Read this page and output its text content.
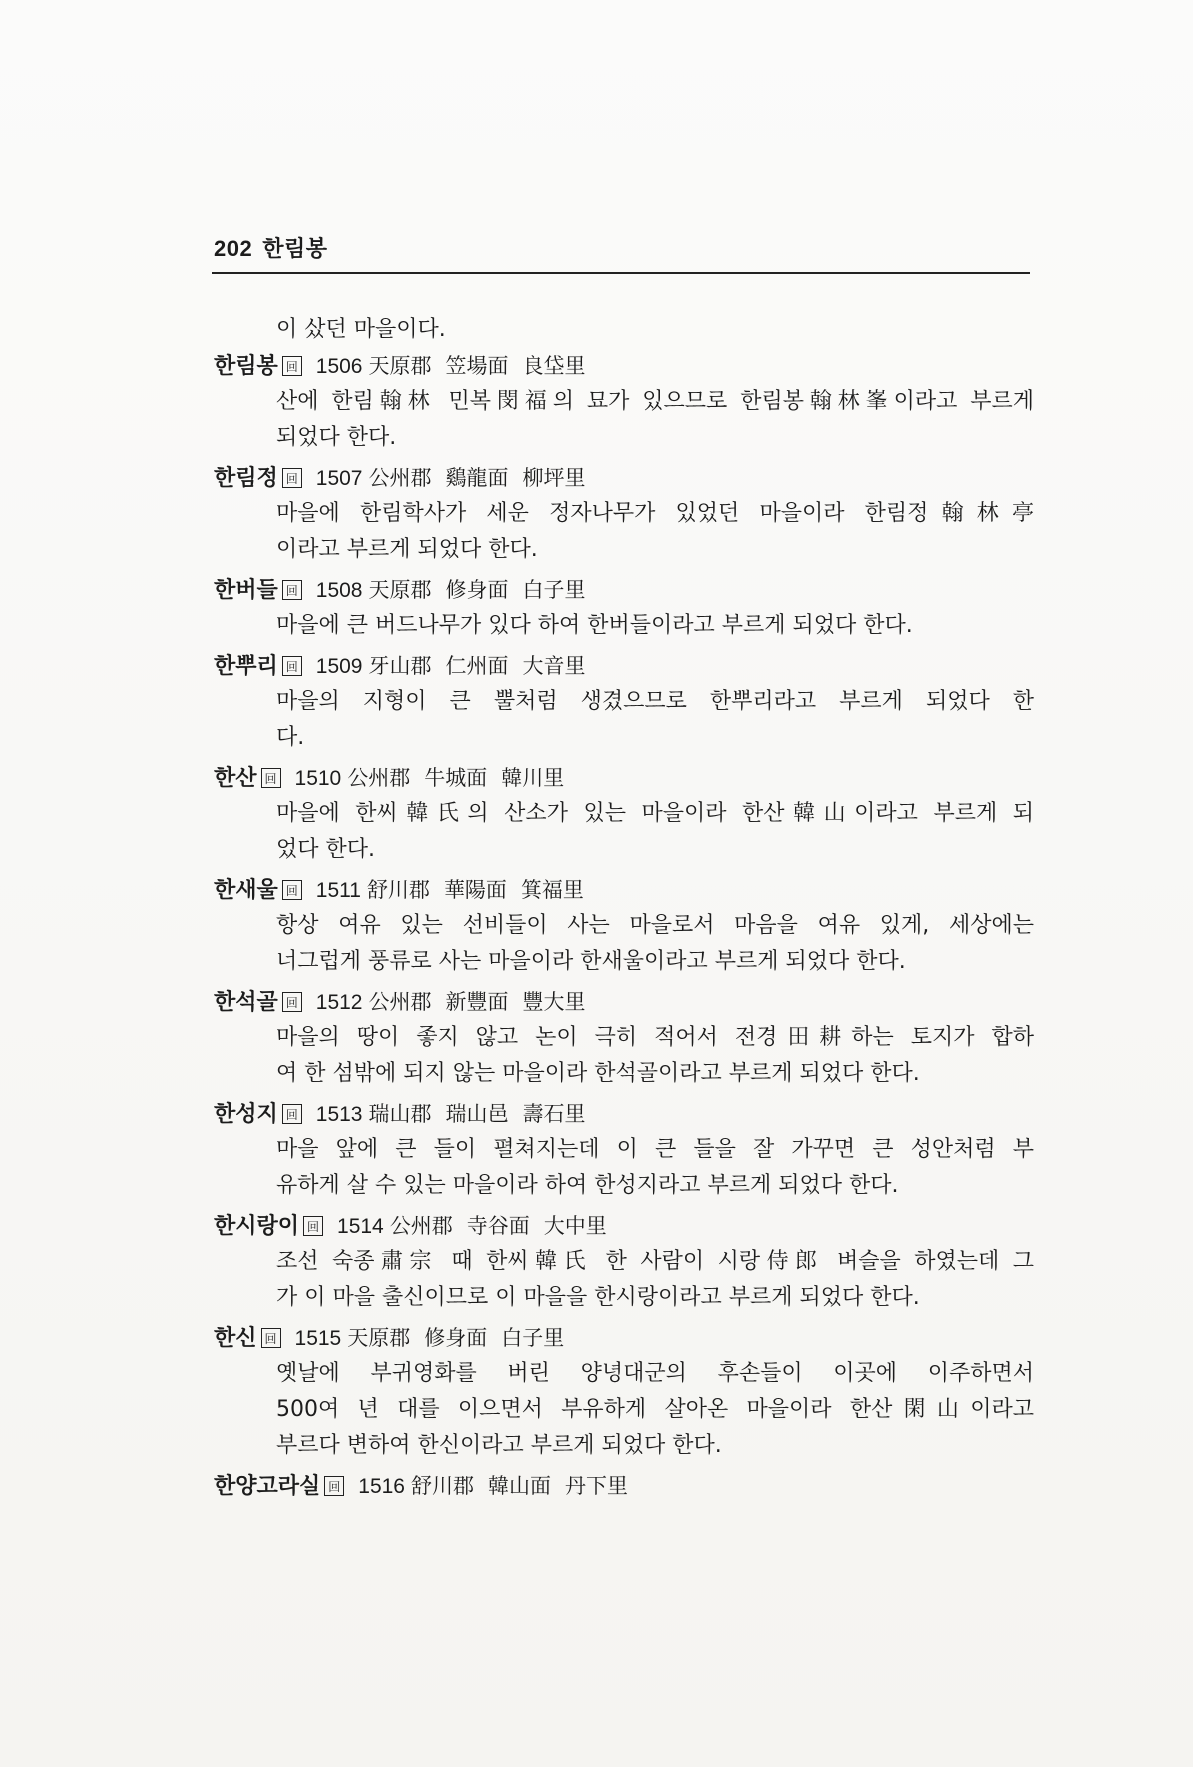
202 한림봉
이 샀던 마을이다.
한림봉 回 1506 天原郡 笠場面 良垈里
산에 한림翰林 민복閔福의 묘가 있으므로 한림봉翰林峯이라고 부르게
되었다 한다.
한림정 回 1507 公州郡 鷄龍面 柳坪里
마을에 한림학사가 세운 정자나무가 있었던 마을이라 한림정翰林亭
이라고 부르게 되었다 한다.
한버들 回 1508 天原郡 修身面 白子里
마을에 큰 버드나무가 있다 하여 한버들이라고 부르게 되었다 한다.
한뿌리 回 1509 牙山郡 仁州面 大音里
마을의 지형이 큰 뿔처럼 생겼으므로 한뿌리라고 부르게 되었다 한
다.
한산 回 1510 公州郡 牛城面 韓川里
마을에 한씨韓氏의 산소가 있는 마을이라 한산韓山이라고 부르게 되
었다 한다.
한새울 回 1511 舒川郡 華陽面 箕福里
항상 여유 있는 선비들이 사는 마을로서 마음을 여유 있게, 세상에는
너그럽게 풍류로 사는 마을이라 한새울이라고 부르게 되었다 한다.
한석골 回 1512 公州郡 新豐面 豐大里
마을의 땅이 좋지 않고 논이 극히 적어서 전경田耕하는 토지가 합하
여 한 섬밖에 되지 않는 마을이라 한석골이라고 부르게 되었다 한다.
한성지 回 1513 瑞山郡 瑞山邑 壽石里
마을 앞에 큰 들이 펼쳐지는데 이 큰 들을 잘 가꾸면 큰 성안처럼 부
유하게 살 수 있는 마을이라 하여 한성지라고 부르게 되었다 한다.
한시랑이 回 1514 公州郡 寺谷面 大中里
조선 숙종肅宗 때 한씨韓氏 한 사람이 시랑侍郎 벼슬을 하였는데 그
가 이 마을 출신이므로 이 마을을 한시랑이라고 부르게 되었다 한다.
한신 回 1515 天原郡 修身面 白子里
옛날에 부귀영화를 버린 양녕대군의 후손들이 이곳에 이주하면서
500여 년 대를 이으면서 부유하게 살아온 마을이라 한산閑山이라고
부르다 변하여 한신이라고 부르게 되었다 한다.
한양고라실 回 1516 舒川郡 韓山面 丹下里
